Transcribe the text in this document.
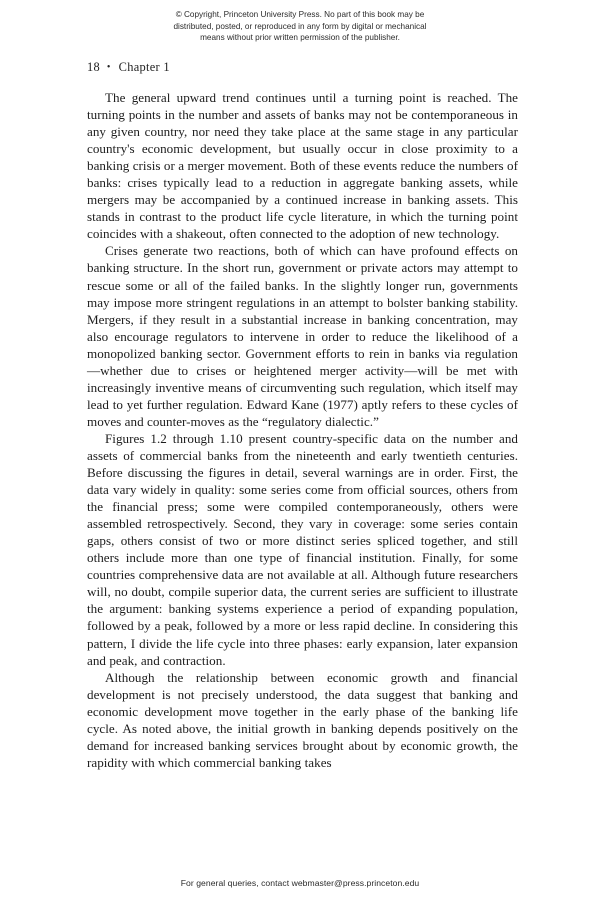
© Copyright, Princeton University Press. No part of this book may be
distributed, posted, or reproduced in any form by digital or mechanical
means without prior written permission of the publisher.
18 • Chapter 1

The general upward trend continues until a turning point is reached. The turning points in the number and assets of banks may not be contemporaneous in any given country, nor need they take place at the same stage in any particular country's economic development, but usually occur in close proximity to a banking crisis or a merger movement. Both of these events reduce the numbers of banks: crises typically lead to a reduction in aggregate banking assets, while mergers may be accompanied by a continued increase in banking assets. This stands in contrast to the product life cycle literature, in which the turning point coincides with a shakeout, often connected to the adoption of new technology.

Crises generate two reactions, both of which can have profound effects on banking structure. In the short run, government or private actors may attempt to rescue some or all of the failed banks. In the slightly longer run, governments may impose more stringent regulations in an attempt to bolster banking stability. Mergers, if they result in a substantial increase in banking concentration, may also encourage regulators to intervene in order to reduce the likelihood of a monopolized banking sector. Government efforts to rein in banks via regulation—whether due to crises or heightened merger activity—will be met with increasingly inventive means of circumventing such regulation, which itself may lead to yet further regulation. Edward Kane (1977) aptly refers to these cycles of moves and counter-moves as the “regulatory dialectic.”

Figures 1.2 through 1.10 present country-specific data on the number and assets of commercial banks from the nineteenth and early twentieth centuries. Before discussing the figures in detail, several warnings are in order. First, the data vary widely in quality: some series come from official sources, others from the financial press; some were compiled contemporaneously, others were assembled retrospectively. Second, they vary in coverage: some series contain gaps, others consist of two or more distinct series spliced together, and still others include more than one type of financial institution. Finally, for some countries comprehensive data are not available at all. Although future researchers will, no doubt, compile superior data, the current series are sufficient to illustrate the argument: banking systems experience a period of expanding population, followed by a peak, followed by a more or less rapid decline. In considering this pattern, I divide the life cycle into three phases: early expansion, later expansion and peak, and contraction.

Although the relationship between economic growth and financial development is not precisely understood, the data suggest that banking and economic development move together in the early phase of the banking life cycle. As noted above, the initial growth in banking depends positively on the demand for increased banking services brought about by economic growth, the rapidity with which commercial banking takes

For general queries, contact webmaster@press.princeton.edu
